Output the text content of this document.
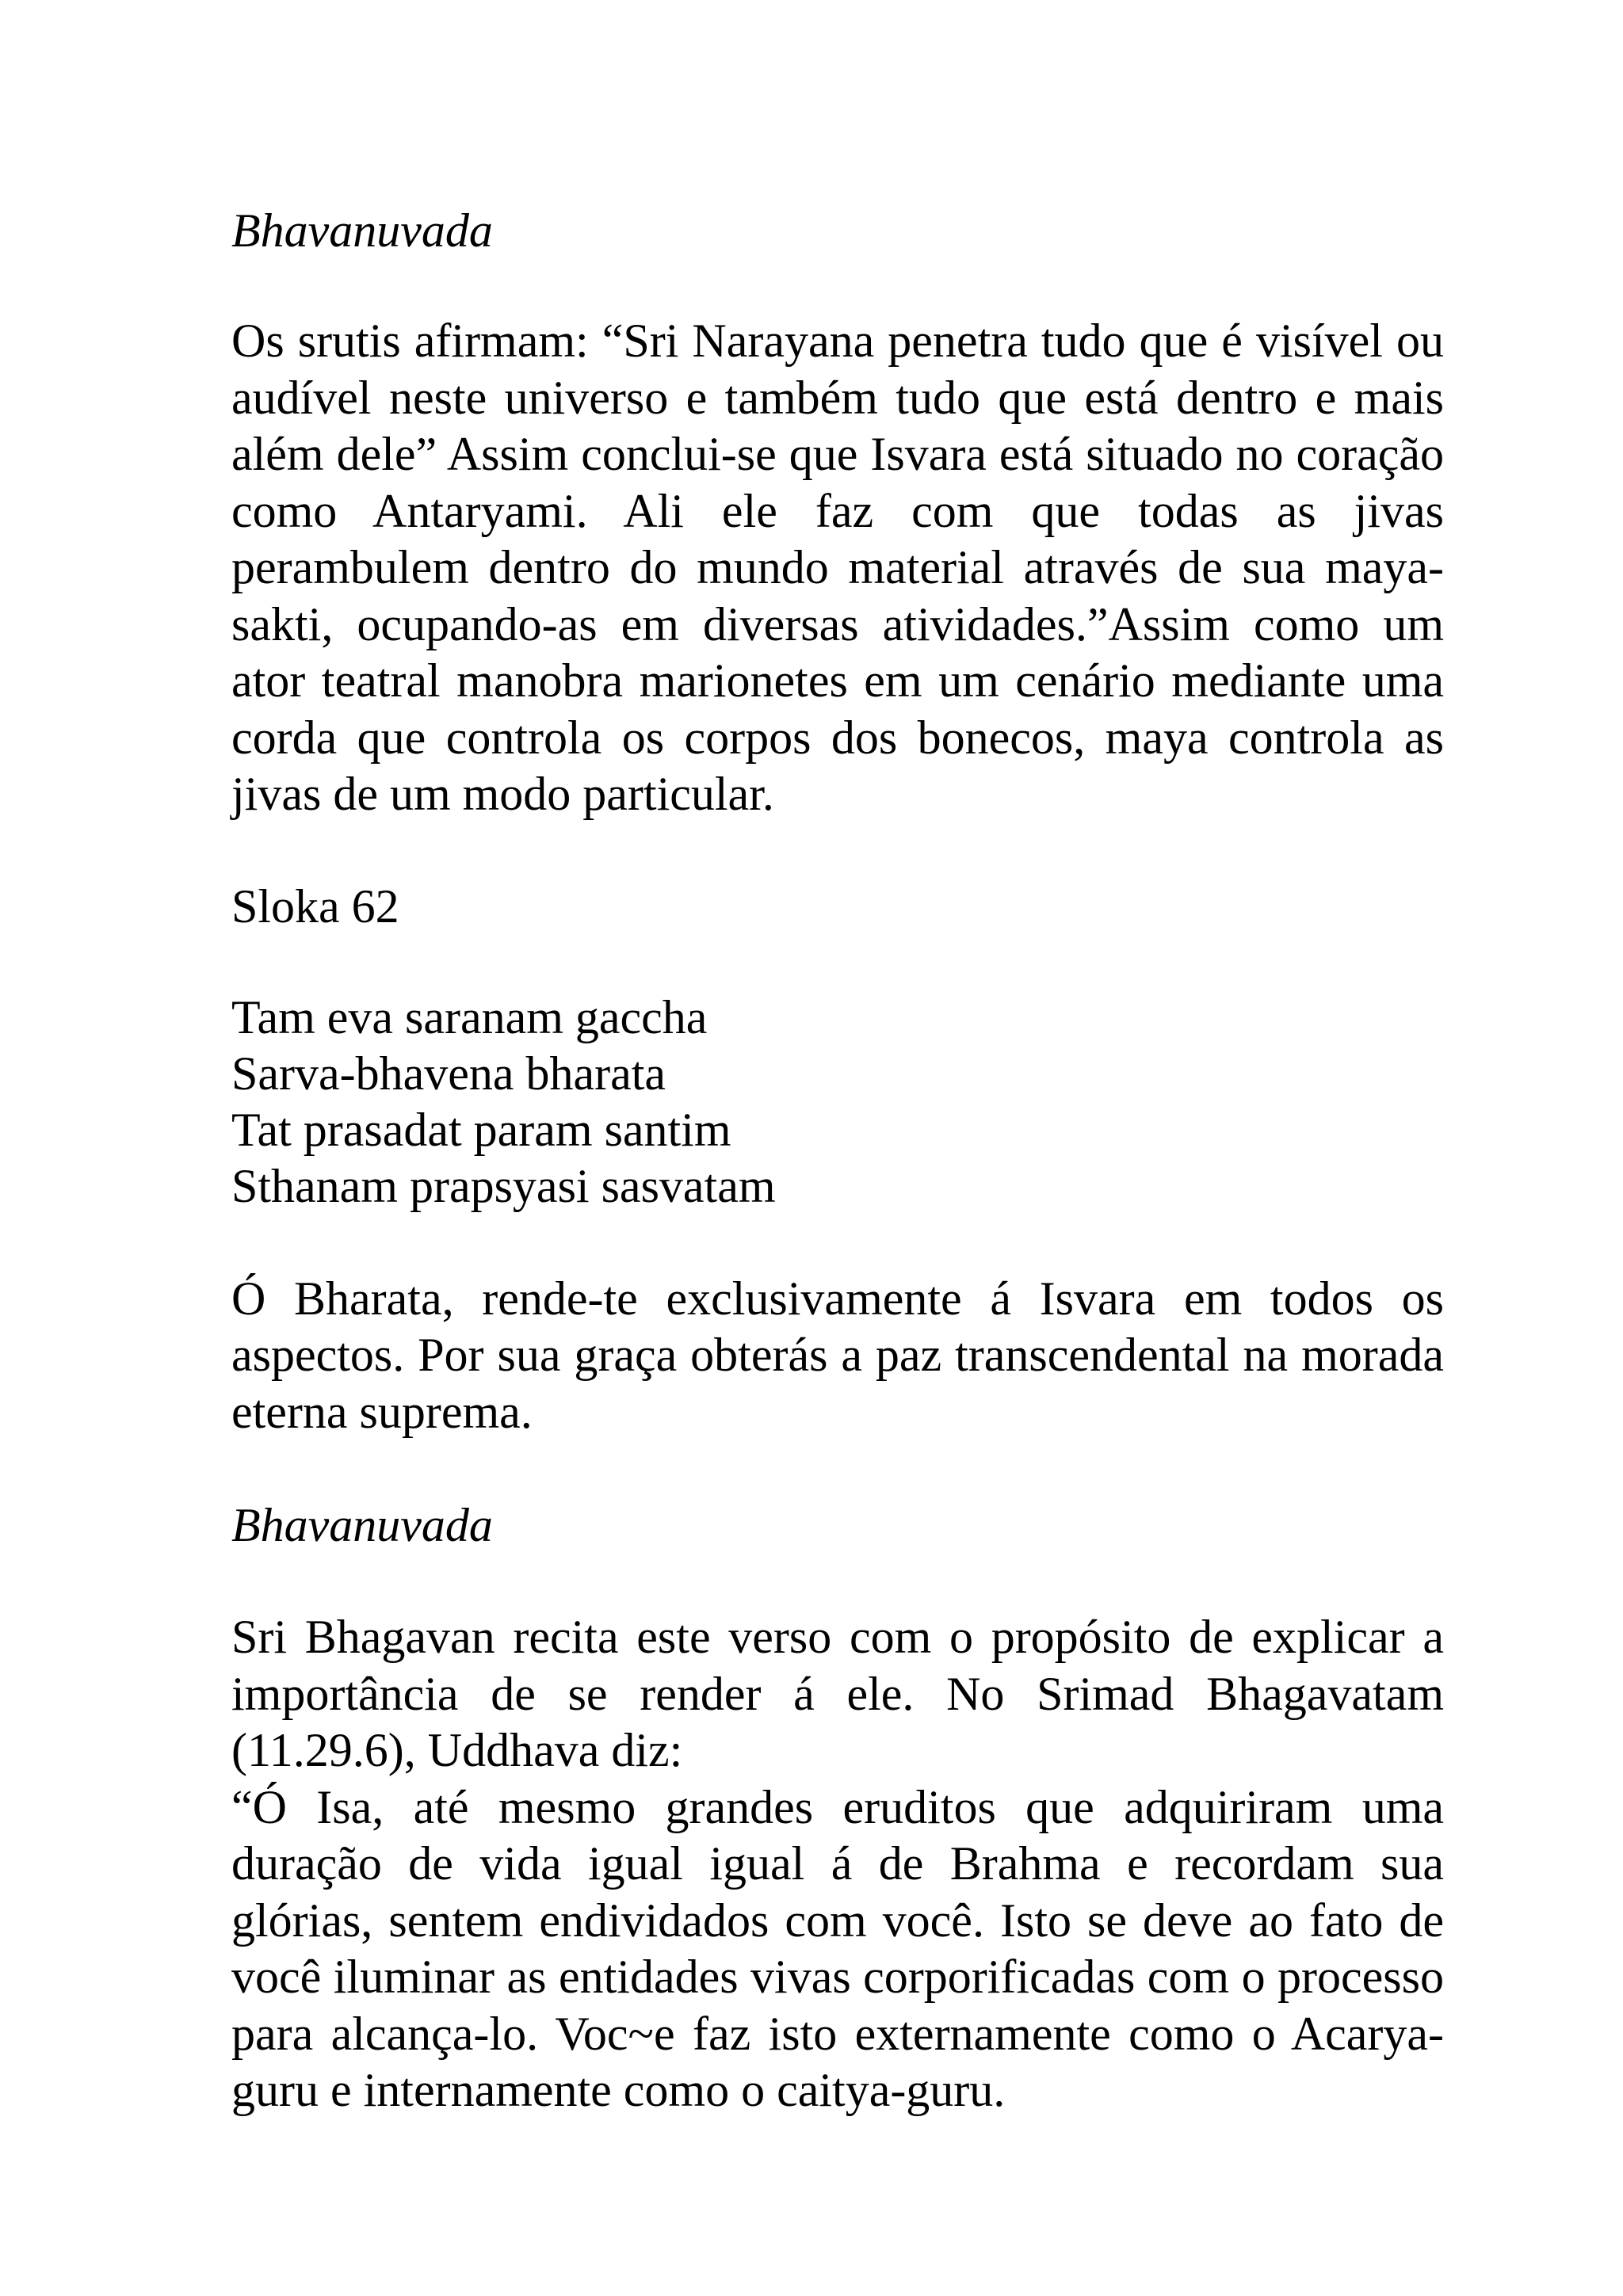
Bhavanuvada

Os srutis afirmam: “Sri Narayana penetra tudo que é visível ou audível neste universo e também tudo que está dentro e mais além dele” Assim conclui-se que Isvara está situado no coração como Antaryami. Ali ele faz com que todas as jivas perambulem dentro do mundo material através de sua maya-sakti, ocupando-as em diversas atividades.”Assim como um ator teatral manobra marionetes em um cenário mediante uma corda que controla os corpos dos bonecos, maya controla as jivas de um modo particular.

Sloka 62

Tam eva saranam gaccha
Sarva-bhavena bharata
Tat prasadat param santim
Sthanam prapsyasi sasvatam

Ó Bharata, rende-te exclusivamente á Isvara em todos os aspectos. Por sua graça obterás a paz transcendental na morada eterna suprema.

Bhavanuvada

Sri Bhagavan recita este verso com o propósito de explicar a importância de se render á ele. No Srimad Bhagavatam (11.29.6), Uddhava diz:

“Ó Isa, até mesmo grandes eruditos que adquiriram uma duração de vida igual igual á de Brahma e recordam sua glórias, sentem endividados com você. Isto se deve ao fato de você iluminar as entidades vivas corporificadas com o processo para alcança-lo. Voc~e faz isto externamente como o Acarya-guru e internamente como o caitya-guru.
